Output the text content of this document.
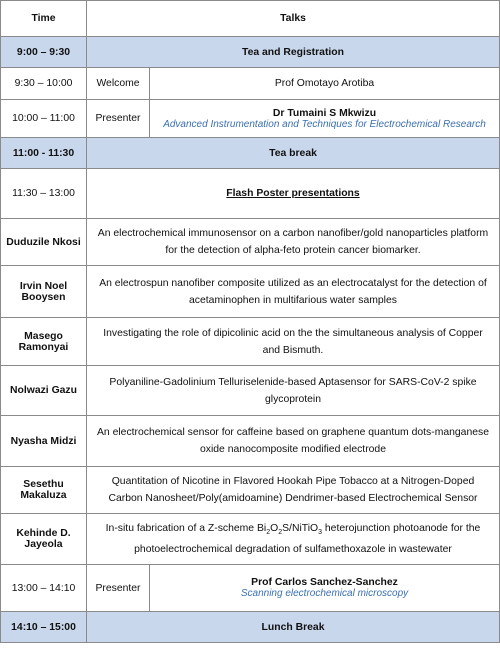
Time	Talks	
9:00 – 9:30	Tea and Registration	
9:30 – 10:00	Welcome	Prof Omotayo Arotiba
10:00 – 11:00	Presenter	Dr Tumaini S Mkwizu
Advanced Instrumentation and Techniques for Electrochemical Research

11:00 - 11:30	Tea break	
11:30 – 13:00	Flash Poster presentations	
Duduzile Nkosi	An electrochemical immunosensor on a carbon nanofiber/gold nanoparticles platform for the detection of alpha-feto protein cancer biomarker.	
Irvin Noel Booysen	An electrospun nanofiber composite utilized as an electrocatalyst for the detection of acetaminophen in multifarious water samples	
Masego Ramonyai	Investigating the role of dipicolinic acid on the the simultaneous analysis of Copper and Bismuth.	
Nolwazi Gazu	Polyaniline-Gadolinium Telluriselenide-based Aptasensor for SARS-CoV-2 spike glycoprotein	
Nyasha Midzi	An electrochemical sensor for caffeine based on graphene quantum dots-manganese oxide nanocomposite modified electrode	
Sesethu Makaluza	Quantitation of Nicotine in Flavored Hookah Pipe Tobacco at a Nitrogen-Doped Carbon Nanosheet/Poly(amidoamine) Dendrimer-based Electrochemical Sensor	
Kehinde D. Jayeola	In-situ fabrication of a Z-scheme $Bi_2O_2S/NiTiO_3$ heterojunction photoanode for the photoelectrochemical degradation of sulfamethoxazole in wastewater	
13:00 – 14:10	Presenter	Prof Carlos Sanchez-Sanchez
Scanning electrochemical microscopy

14:10 – 15:00	Lunch Break	
